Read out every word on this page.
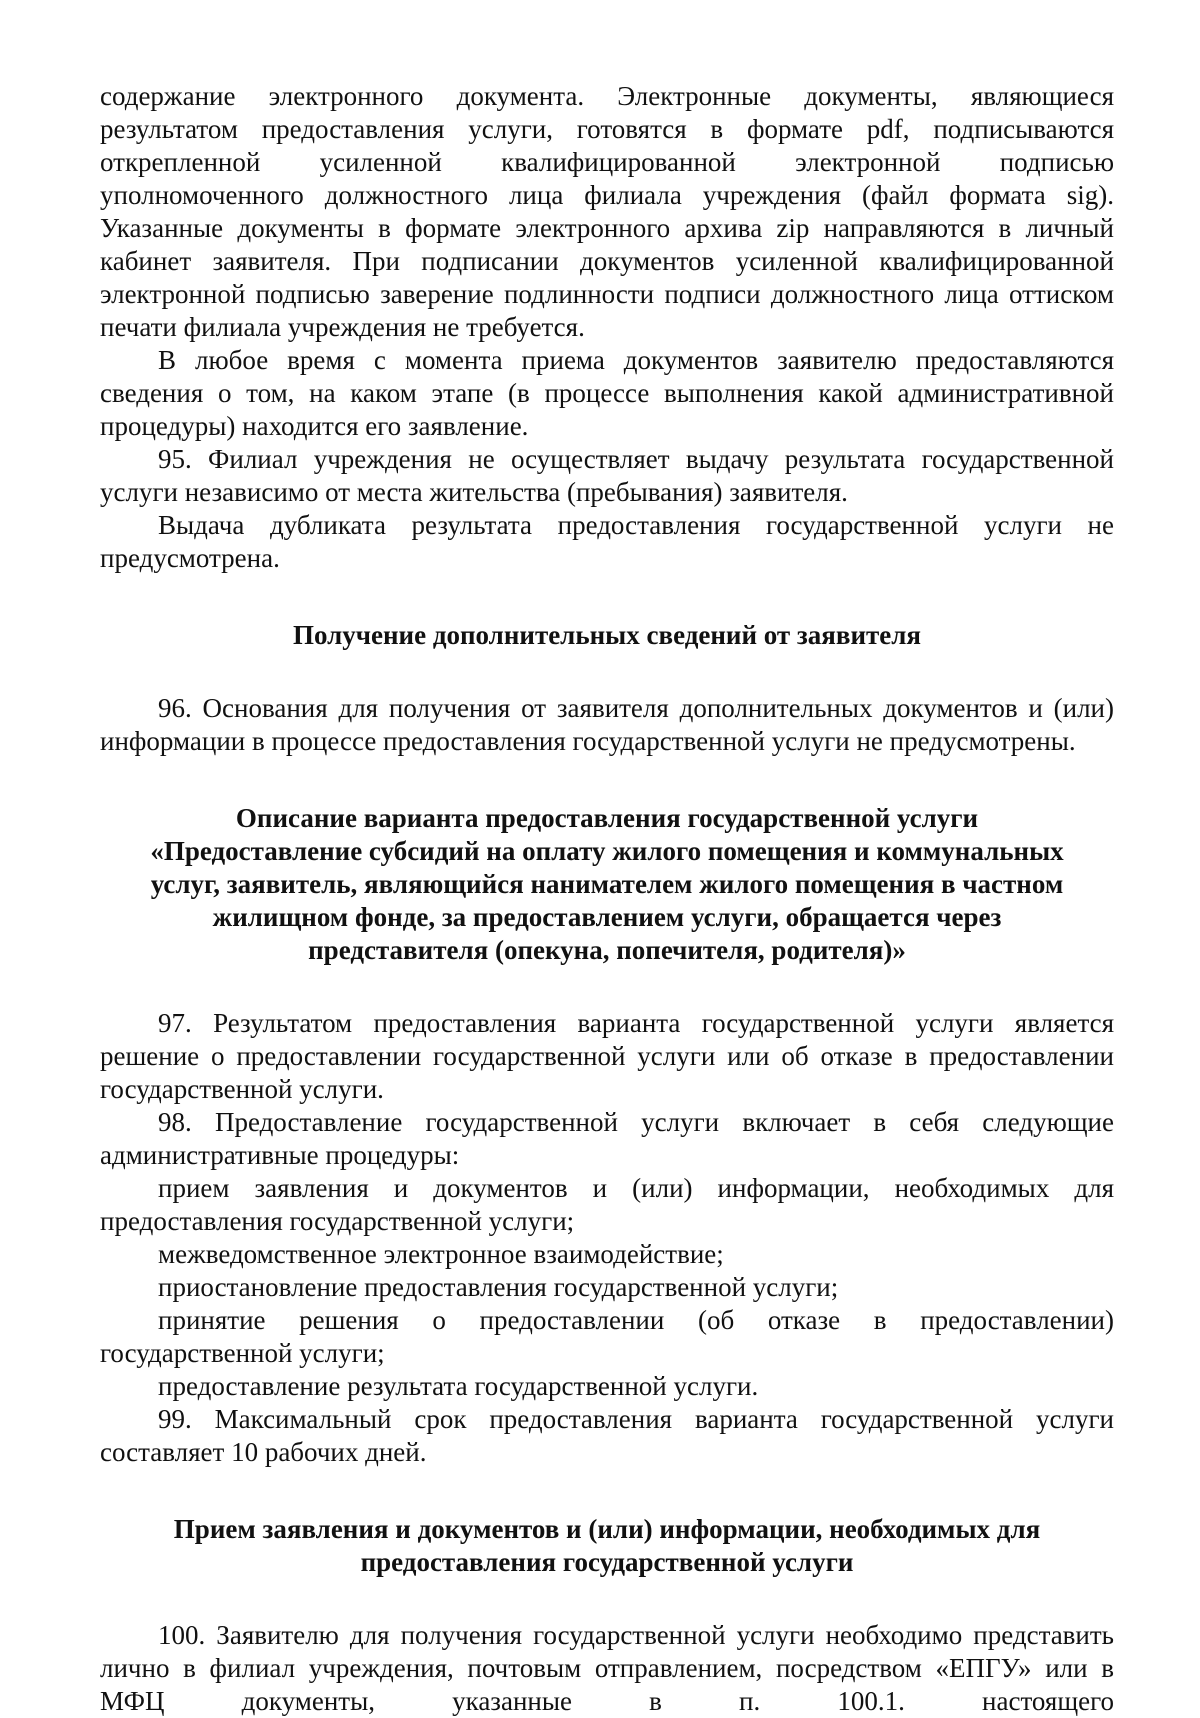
содержание электронного документа. Электронные документы, являющиеся результатом предоставления услуги, готовятся в формате pdf, подписываются открепленной усиленной квалифицированной электронной подписью уполномоченного должностного лица филиала учреждения (файл формата sig). Указанные документы в формате электронного архива zip направляются в личный кабинет заявителя. При подписании документов усиленной квалифицированной электронной подписью заверение подлинности подписи должностного лица оттиском печати филиала учреждения не требуется.

В любое время с момента приема документов заявителю предоставляются сведения о том, на каком этапе (в процессе выполнения какой административной процедуры) находится его заявление.

95. Филиал учреждения не осуществляет выдачу результата государственной услуги независимо от места жительства (пребывания) заявителя.

Выдача дубликата результата предоставления государственной услуги не предусмотрена.

Получение дополнительных сведений от заявителя

96. Основания для получения от заявителя дополнительных документов и (или) информации в процессе предоставления государственной услуги не предусмотрены.

Описание варианта предоставления государственной услуги
«Предоставление субсидий на оплату жилого помещения и коммунальных
услуг, заявитель, являющийся нанимателем жилого помещения в частном
жилищном фонде, за предоставлением услуги, обращается через
представителя (опекуна, попечителя, родителя)»

97. Результатом предоставления варианта государственной услуги является решение о предоставлении государственной услуги или об отказе в предоставлении государственной услуги.

98. Предоставление государственной услуги включает в себя следующие административные процедуры:

прием заявления и документов и (или) информации, необходимых для предоставления государственной услуги;

межведомственное электронное взаимодействие;

приостановление предоставления государственной услуги;

принятие решения о предоставлении (об отказе в предоставлении) государственной услуги;

предоставление результата государственной услуги.

99. Максимальный срок предоставления варианта государственной услуги составляет 10 рабочих дней.

Прием заявления и документов и (или) информации, необходимых для
предоставления государственной услуги

100. Заявителю для получения государственной услуги необходимо представить лично в филиал учреждения, почтовым отправлением, посредством «ЕПГУ» или в МФЦ документы, указанные в п. 100.1. настоящего
